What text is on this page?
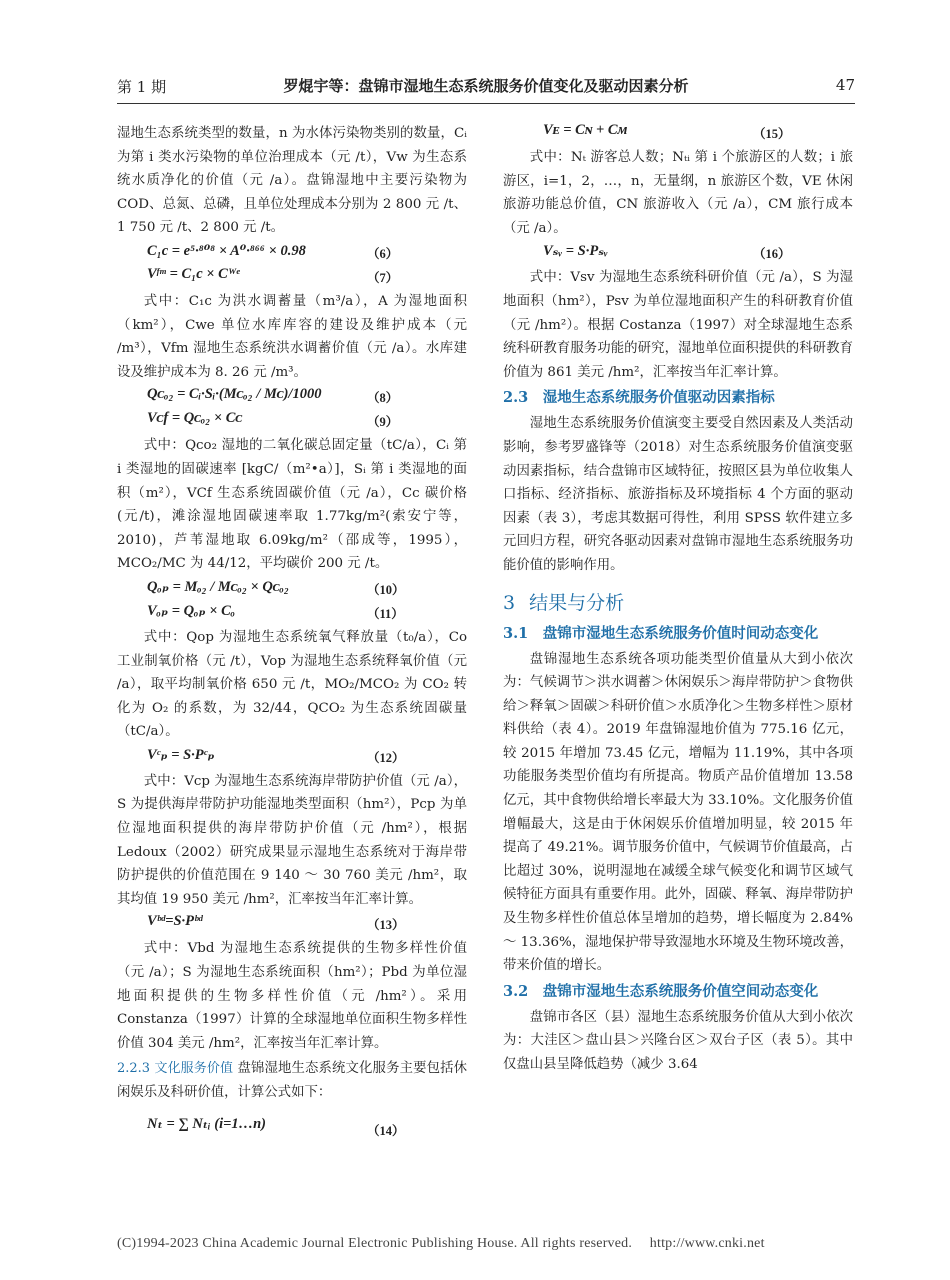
第 1 期	罗焜宇等：盘锦市湿地生态系统服务价值变化及驱动因素分析	47

湿地生态系统类型的数量，n 为水体污染物类别的数量，Cᵢ 为第 i 类水污染物的单位治理成本（元 /t），Vw 为生态系统水质净化的价值（元 /a）。盘锦湿地中主要污染物为 COD、总氮、总磷，且单位处理成本分别为 2 800 元 /t、1 750 元 /t、2 800 元 /t。

C₁c = e⁵·⁸⁰⁸ × A⁰·⁸⁶⁶ × 0.98	（6）
Vᶠᵐ = C₁c × Cᵂᵉ	（7）

式中：C₁c 为洪水调蓄量（m³/a），A 为湿地面积（km²），Cwe 单位水库库容的建设及维护成本（元 /m³），Vfm 湿地生态系统洪水调蓄价值（元 /a）。水库建设及维护成本为 8. 26 元 /m³。

Qᴄₒ₂ = Cᵢ·Sᵢ·(Mᴄₒ₂ / Mᴄ)/1000	（8）
Vᴄf = Qᴄₒ₂ × Cᴄ	（9）

式中：Qco₂ 湿地的二氧化碳总固定量（tC/a），Cᵢ 第 i 类湿地的固碳速率 [kgC/（m²•a）]，Sᵢ 第 i 类湿地的面积（m²），VCf 生态系统固碳价值（元 /a），Cc 碳价格(元/t)，滩涂湿地固碳速率取 1.77kg/m²(索安宁等， 2010)，芦苇湿地取 6.09kg/m²（邵成等，1995），MCO₂/MC 为 44/12，平均碳价 200 元 /t。

Qₒₚ = Mₒ₂ / Mᴄₒ₂ × Qᴄₒ₂	（10）
Vₒₚ = Qₒₚ × Cₒ	（11）

式中：Qop 为湿地生态系统氧气释放量（t₀/a），Co 工业制氧价格（元 /t），Vop 为湿地生态系统释氧价值（元 /a），取平均制氧价格 650 元 /t，MO₂/MCO₂ 为 CO₂ 转化为 O₂ 的系数，为 32/44，QCO₂ 为生态系统固碳量（tC/a）。

Vᶜₚ = S·Pᶜₚ	（12）

式中：Vcp 为湿地生态系统海岸带防护价值（元 /a），S 为提供海岸带防护功能湿地类型面积（hm²），Pcp 为单位湿地面积提供的海岸带防护价值（元 /hm²），根据 Ledoux（2002）研究成果显示湿地生态系统对于海岸带防护提供的价值范围在 9 140 ～ 30 760 美元 /hm²，取其均值 19 950 美元 /hm²，汇率按当年汇率计算。

Vᵇᵈ=S·Pᵇᵈ	（13）

式中：Vbd 为湿地生态系统提供的生物多样性价值（元 /a）；S 为湿地生态系统面积（hm²）；Pbd 为单位湿地面积提供的生物多样性价值（元 /hm²）。采用 Constanza（1997）计算的全球湿地单位面积生物多样性价值 304 美元 /hm²，汇率按当年汇率计算。

2.2.3 文化服务价值 盘锦湿地生态系统文化服务主要包括休闲娱乐及科研价值，计算公式如下：

Nₜ = ∑ Nₜᵢ (i=1…n)	（14）
Vᴇ = Cɴ + Cᴍ	（15）

式中：Nₜ 游客总人数；Nₜᵢ 第 i 个旅游区的人数；i 旅游区，i=1，2，…，n，无量纲，n 旅游区个数，VE 休闲旅游功能总价值，CN 旅游收入（元 /a），CM 旅行成本（元 /a）。

Vₛᵥ = S·Pₛᵥ	（16）

式中：Vsv 为湿地生态系统科研价值（元 /a），S 为湿地面积（hm²），Psv 为单位湿地面积产生的科研教育价值（元 /hm²）。根据 Costanza（1997）对全球湿地生态系统科研教育服务功能的研究，湿地单位面积提供的科研教育价值为 861 美元 /hm²，汇率按当年汇率计算。

2.3　湿地生态系统服务价值驱动因素指标

湿地生态系统服务价值演变主要受自然因素及人类活动影响，参考罗盛锋等（2018）对生态系统服务价值演变驱动因素指标，结合盘锦市区域特征，按照区县为单位收集人口指标、经济指标、旅游指标及环境指标 4 个方面的驱动因素（表 3），考虑其数据可得性，利用 SPSS 软件建立多元回归方程，研究各驱动因素对盘锦市湿地生态系统服务功能价值的影响作用。

3 结果与分析
3.1　盘锦市湿地生态系统服务价值时间动态变化

盘锦湿地生态系统各项功能类型价值量从大到小依次为：气候调节＞洪水调蓄＞休闲娱乐＞海岸带防护＞食物供给＞释氧＞固碳＞科研价值＞水质净化＞生物多样性＞原材料供给（表 4）。2019 年盘锦湿地价值为 775.16 亿元，较 2015 年增加 73.45 亿元，增幅为 11.19%，其中各项功能服务类型价值均有所提高。物质产品价值增加 13.58 亿元，其中食物供给增长率最大为 33.10%。文化服务价值增幅最大，这是由于休闲娱乐价值增加明显，较 2015 年提高了 49.21%。调节服务价值中，气候调节价值最高，占比超过 30%，说明湿地在减缓全球气候变化和调节区域气候特征方面具有重要作用。此外，固碳、释氧、海岸带防护及生物多样性价值总体呈增加的趋势，增长幅度为 2.84% ～ 13.36%，湿地保护带导致湿地水环境及生物环境改善，带来价值的增长。

3.2　盘锦市湿地生态系统服务价值空间动态变化

盘锦市各区（县）湿地生态系统服务价值从大到小依次为：大洼区＞盘山县＞兴隆台区＞双台子区（表 5）。其中仅盘山县呈降低趋势（减少 3.64

(C)1994-2023 China Academic Journal Electronic Publishing House. All rights reserved. http://www.cnki.net
